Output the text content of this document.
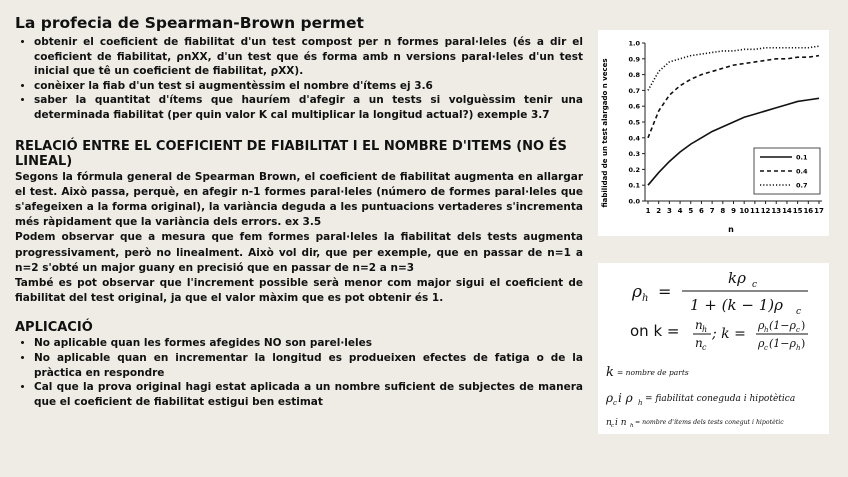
La profecia de Spearman-Brown permet
• obtenir el coeficient de fiabilitat d'un test compost per n formes paral·leles (és a dir el coeficient de fiabilitat, ρnXX, d'un test que és forma amb n versions paral·leles d'un test inicial que tê un coeficient de fiabilitat, ρXX).
• conèixer la fiab d'un test si augmentèssim el nombre d'ítems ej 3.6
• saber la quantitat d'ítems que hauríem d'afegir a un tests si volguèssim tenir una determinada fiabilitat (per quin valor K cal multiplicar la longitud actual?) exemple 3.7
RELACIÓ ENTRE EL COEFICIENT DE FIABILITAT I EL NOMBRE D'ITEMS (NO ÉS LINEAL)

Segons la fórmula general de Spearman Brown, el coeficient de fiabilitat augmenta en allargar el test. Això passa, perquè, en afegir n-1 formes paral·leles (número de formes paral·leles que s'afegeixen a la forma original), la variància deguda a les puntuacions vertaderes s'incrementa més ràpidament que la variància dels errors. ex 3.5

Podem observar que a mesura que fem formes paral·leles la fiabilitat dels tests augmenta progressivament, però no linealment. Això vol dir, que per exemple, que en passar de n=1 a n=2 s'obté un major guany en precisió que en passar de n=2 a n=3

També es pot observar que l'increment possible serà menor com major sigui el coeficient de fiabilitat del test original, ja que el valor màxim que es pot obtenir és 1.

APLICACIÓ
• No aplicable quan les formes afegides NO son parel·leles
• No aplicable quan en incrementar la longitud es produeixen efectes de fatiga o de la pràctica en respondre
• Cal que la prova original hagi estat aplicada a un nombre suficient de subjectes de manera que el coeficient de fiabilitat estigui ben estimat
0.0
0.1
0.2
0.3
0.4
0.5
0.6
0.7
0.8
0.9
1.0
1 2 3 4 5 6 7 8 9 10 11 12 13 14 15 16 17
0.1
0.4
0.7
fiabilidad de un test alargado n veces
n
ρ h =
kρ c
1 + (k − 1)ρ c
on k = n h
n c
; k =
ρ h (1−ρ c )
ρ c (1−ρ h )
k = nombre de parts
ρ c i ρ h = fiabilitat coneguda i hipotètica
n c i n h = nombre d'ítems dels tests conegut i hipotètic
